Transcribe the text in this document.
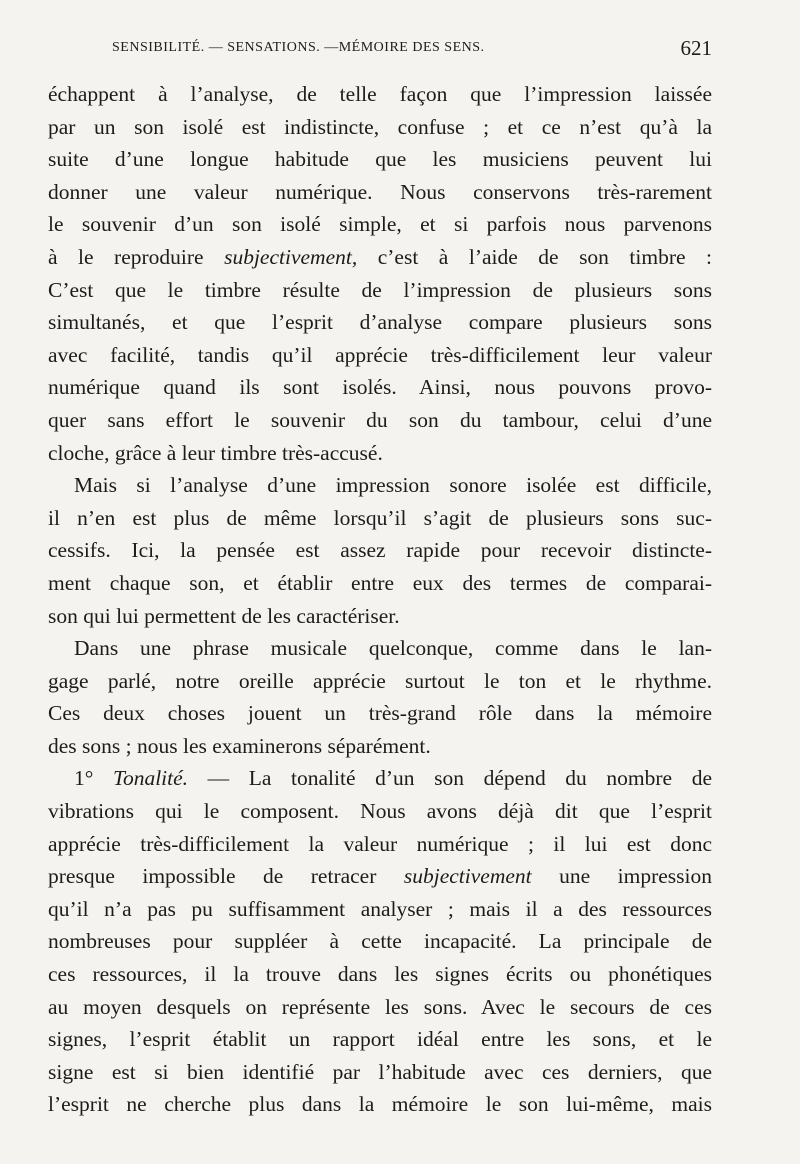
SENSIBILITÉ. — SENSATIONS. —MÉMOIRE DES SENS.	621
échappent à l’analyse, de telle façon que l’impression laissée
par un son isolé est indistincte, confuse ; et ce n’est qu’à la
suite d’une longue habitude que les musiciens peuvent lui
donner une valeur numérique. Nous conservons très-rarement
le souvenir d’un son isolé simple, et si parfois nous parvenons
à le reproduire subjectivement, c’est à l’aide de son timbre :
C’est que le timbre résulte de l’impression de plusieurs sons
simultanés, et que l’esprit d’analyse compare plusieurs sons
avec facilité, tandis qu’il apprécie très-difficilement leur valeur
numérique quand ils sont isolés. Ainsi, nous pouvons provo-
quer sans effort le souvenir du son du tambour, celui d’une
cloche, grâce à leur timbre très-accusé.
Mais si l’analyse d’une impression sonore isolée est difficile,
il n’en est plus de même lorsqu’il s’agit de plusieurs sons suc-
cessifs. Ici, la pensée est assez rapide pour recevoir distincte-
ment chaque son, et établir entre eux des termes de comparai-
son qui lui permettent de les caractériser.
Dans une phrase musicale quelconque, comme dans le lan-
gage parlé, notre oreille apprécie surtout le ton et le rhythme.
Ces deux choses jouent un très-grand rôle dans la mémoire
des sons ; nous les examinerons séparément.
1° Tonalité. — La tonalité d’un son dépend du nombre de
vibrations qui le composent. Nous avons déjà dit que l’esprit
apprécie très-difficilement la valeur numérique ; il lui est donc
presque impossible de retracer subjectivement une impression
qu’il n’a pas pu suffisamment analyser ; mais il a des ressources
nombreuses pour suppléer à cette incapacité. La principale de
ces ressources, il la trouve dans les signes écrits ou phonétiques
au moyen desquels on représente les sons. Avec le secours de ces
signes, l’esprit établit un rapport idéal entre les sons, et le
signe est si bien identifié par l’habitude avec ces derniers, que
l’esprit ne cherche plus dans la mémoire le son lui-même, mais
